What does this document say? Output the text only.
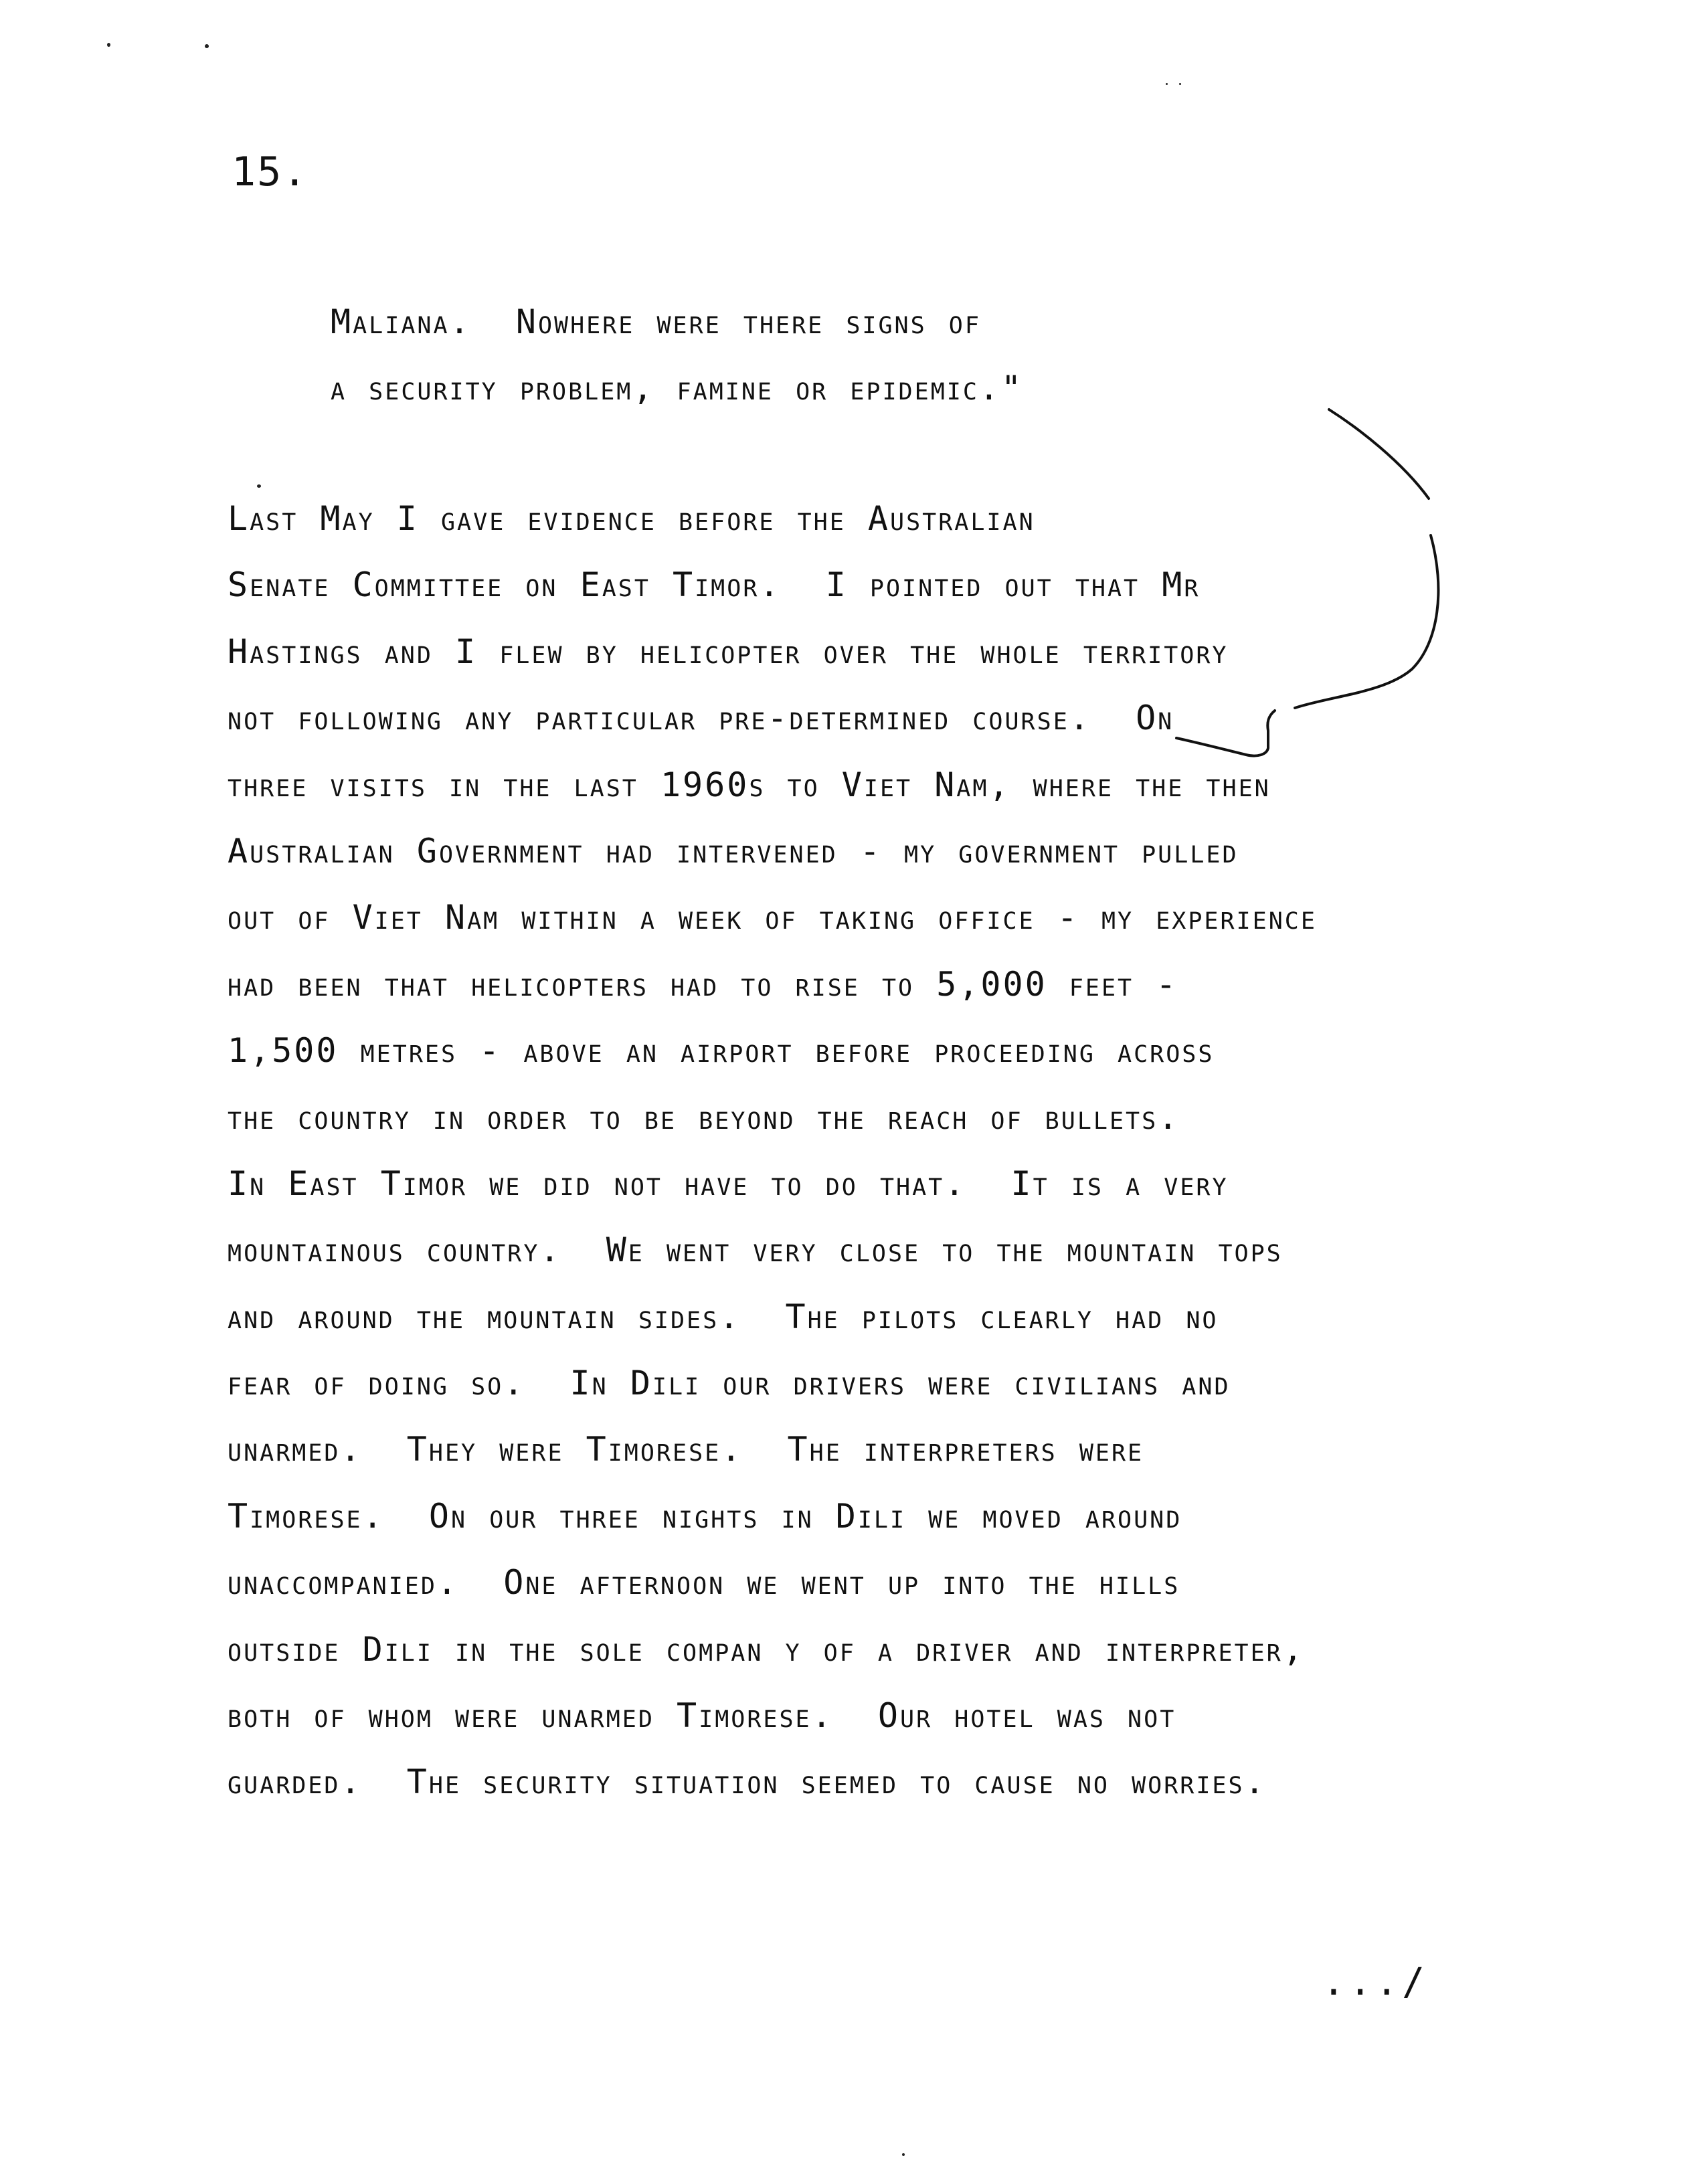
15.
Maliana.  Nowhere were there signs of
a security problem, famine or epidemic."
Last May I gave evidence before the Australian
Senate Committee on East Timor.  I pointed out that Mr
Hastings and I flew by helicopter over the whole territory
not following any particular pre-determined course.  On
three visits in the last 1960s to Viet Nam, where the then
Australian Government had intervened - my government pulled
out of Viet Nam within a week of taking office - my experience
had been that helicopters had to rise to 5,000 feet -
1,500 metres - above an airport before proceeding across
the country in order to be beyond the reach of bullets.
In East Timor we did not have to do that.  It is a very
mountainous country.  We went very close to the mountain tops
and around the mountain sides.  The pilots clearly had no
fear of doing so.  In Dili our drivers were civilians and
unarmed.  They were Timorese.  The interpreters were
Timorese.  On our three nights in Dili we moved around
unaccompanied.  One afternoon we went up into the hills
outside Dili in the sole compan y of a driver and interpreter,
both of whom were unarmed Timorese.  Our hotel was not
guarded.  The security situation seemed to cause no worries.
.../
